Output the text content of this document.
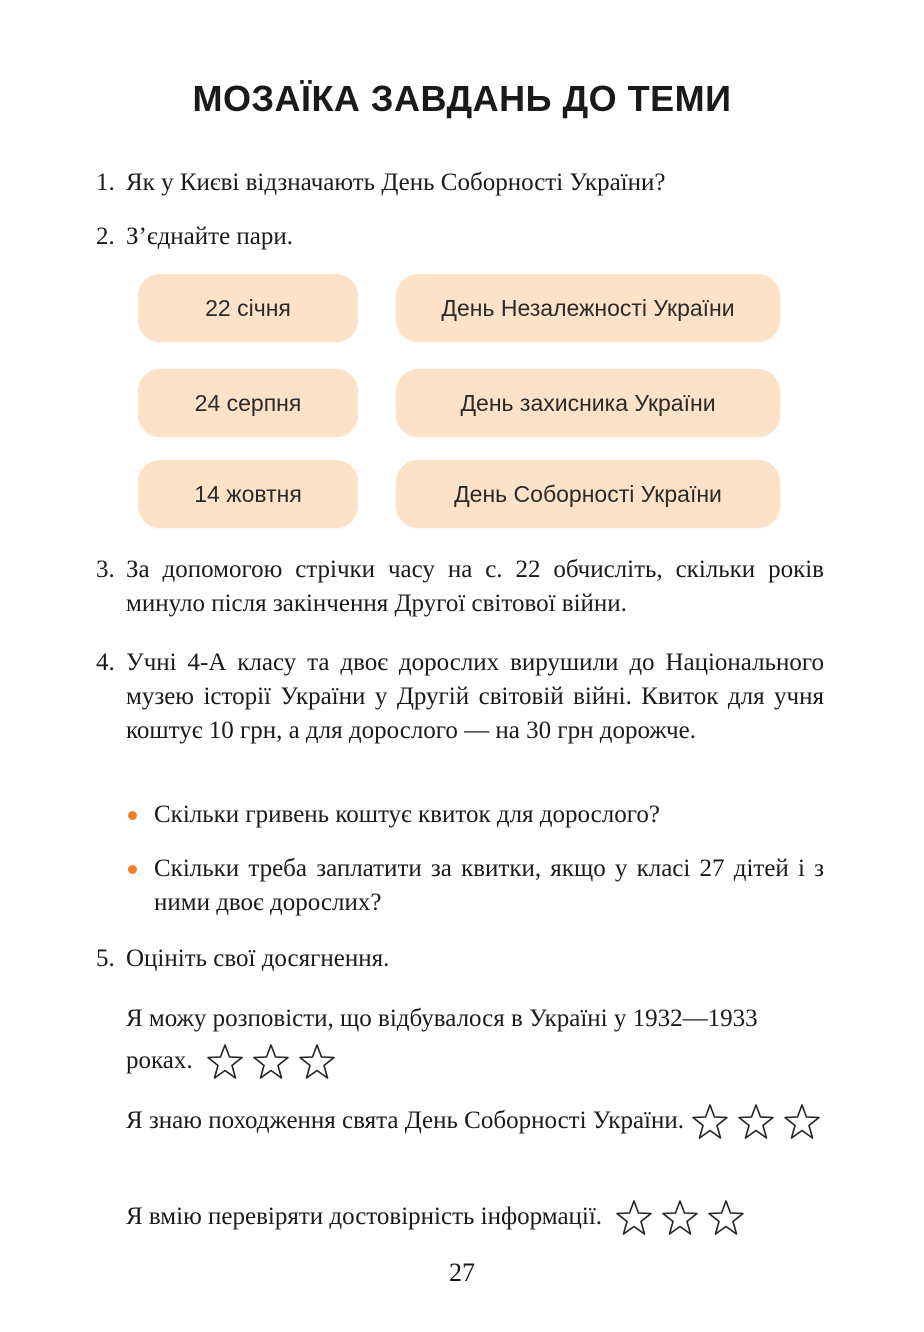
МОЗАЇКА ЗАВДАНЬ ДО ТЕМИ
1. Як у Києві відзначають День Соборності України?
2. З’єднайте пари.
22 січня	День Незалежності України
24 серпня	День захисника України
14 жовтня	День Соборності України
3. За допомогою стрічки часу на с. 22 обчисліть, скільки років минуло після закінчення Другої світової війни.
4. Учні 4-А класу та двоє дорослих вирушили до Національного музею історії України у Другій світовій війні. Квиток для учня коштує 10 грн, а для дорослого — на 30 грн дорожче.
Скільки гривень коштує квиток для дорослого?
Скільки треба заплатити за квитки, якщо у класі 27 дітей і з ними двоє дорослих?
5. Оцініть свої досягнення.
Я можу розповісти, що відбувалося в Україні у 1932—1933 роках.
Я знаю походження свята День Соборності України.
Я вмію перевіряти достовірність інформації.
27
